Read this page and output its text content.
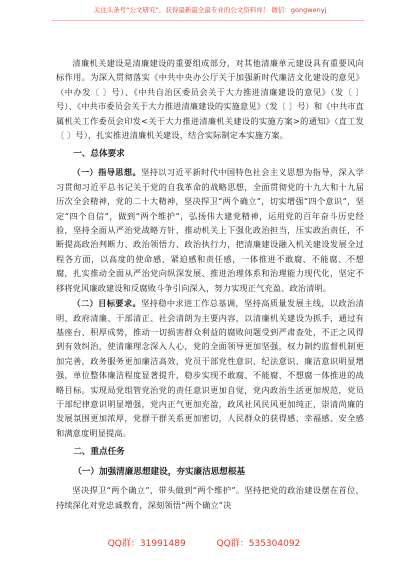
关注头条号“公文研究”，获得最新最全最专业的公文资料库！ 微信：gongwenyj

清廉机关建设是清廉建设的重要组成部分，对其他清廉单元建设具有重要风向标作用。为深入贯彻落实《中共中央办公厅关于加强新时代廉洁文化建设的意见》（中办发〔 〕号）、《中共自治区委员会关于大力推进清廉建设的意见》（发〔 〕号）、《中共市委员会关于大力推进清廉建设的实施意见》（发〔 〕号）和《中共市直属机关工作委员会印发<关于大力推进清廉机关建设的实施方案>的通知》（直工发〔 〕号），扎实推进清廉机关建设，结合实际制定本实施方案。

一、总体要求

（一）指导思想。坚持以习近平新时代中国特色社会主义思想为指导，深入学习贯彻习近平总书记关于党的自我革命的战略思想，全面贯彻党的十九大和十九届历次全会精神，党的二十大精神，坚决捍卫“两个确立”，切实增强“四个意识”，坚定“四个自信”，做到“两个维护”，弘扬伟大建党精神，运用党的百年奋斗历史经验，坚持全面从严治党战略方针，推动机关上下强化政治担当，压实政治责任，不断提高政治判断力、政治领悟力、政治执行力，把清廉建设融入机关建设发展全过程各方面，以高度的使命感、紧迫感和责任感，一体推进不敢腐、不能腐、不想腐，扎实推动全面从严治党向纵深发展、推进治理体系和治理能力现代化，坚定不移将党风廉政建设和反腐败斗争引向深入，努力实现正气充盈、政治清明。

（二）目标要求。坚持稳中求进工作总基调，坚持高质量发展主线，以政治清明、政府清廉、干部清正、社会清朗为主要内容，以清廉机关建设为抓手，通过有基座台、积厚成势，推动一切损害群众利益的腐败问题受到严肃查处，不正之风得到有效纠治，使清廉理念深入人心，党的全面领导更加坚强，权力制约监督机制更加完善，政务服务更加廉洁高效，党员干部党性意识、纪法意识、廉洁意识明显增强，单位整体廉洁程度显著提升，稳步实现不敢腐、不能腐、不想腐一体推进的战略目标。实现局党组管党治党的责任意识更加自觉，党内政治生活更加规范，党员干部纪律意识明显增强，党内正气更加充盈，政风社风民风更加纯正，崇清尚廉的发展氛围更加浓厚，党群干群关系更加密切，人民群众的获得感、幸福感、安全感和满意度明显提高。

二、重点任务
（一）加强清廉思想建设，夯实廉洁思想根基

坚决捍卫“两个确立”，带头做到“两个维护”。坚持把党的政治建设摆在首位，持续深化对党忠诚教育，深刻领悟“两个确立”决

QQ群：31991489	QQ群：535304092
